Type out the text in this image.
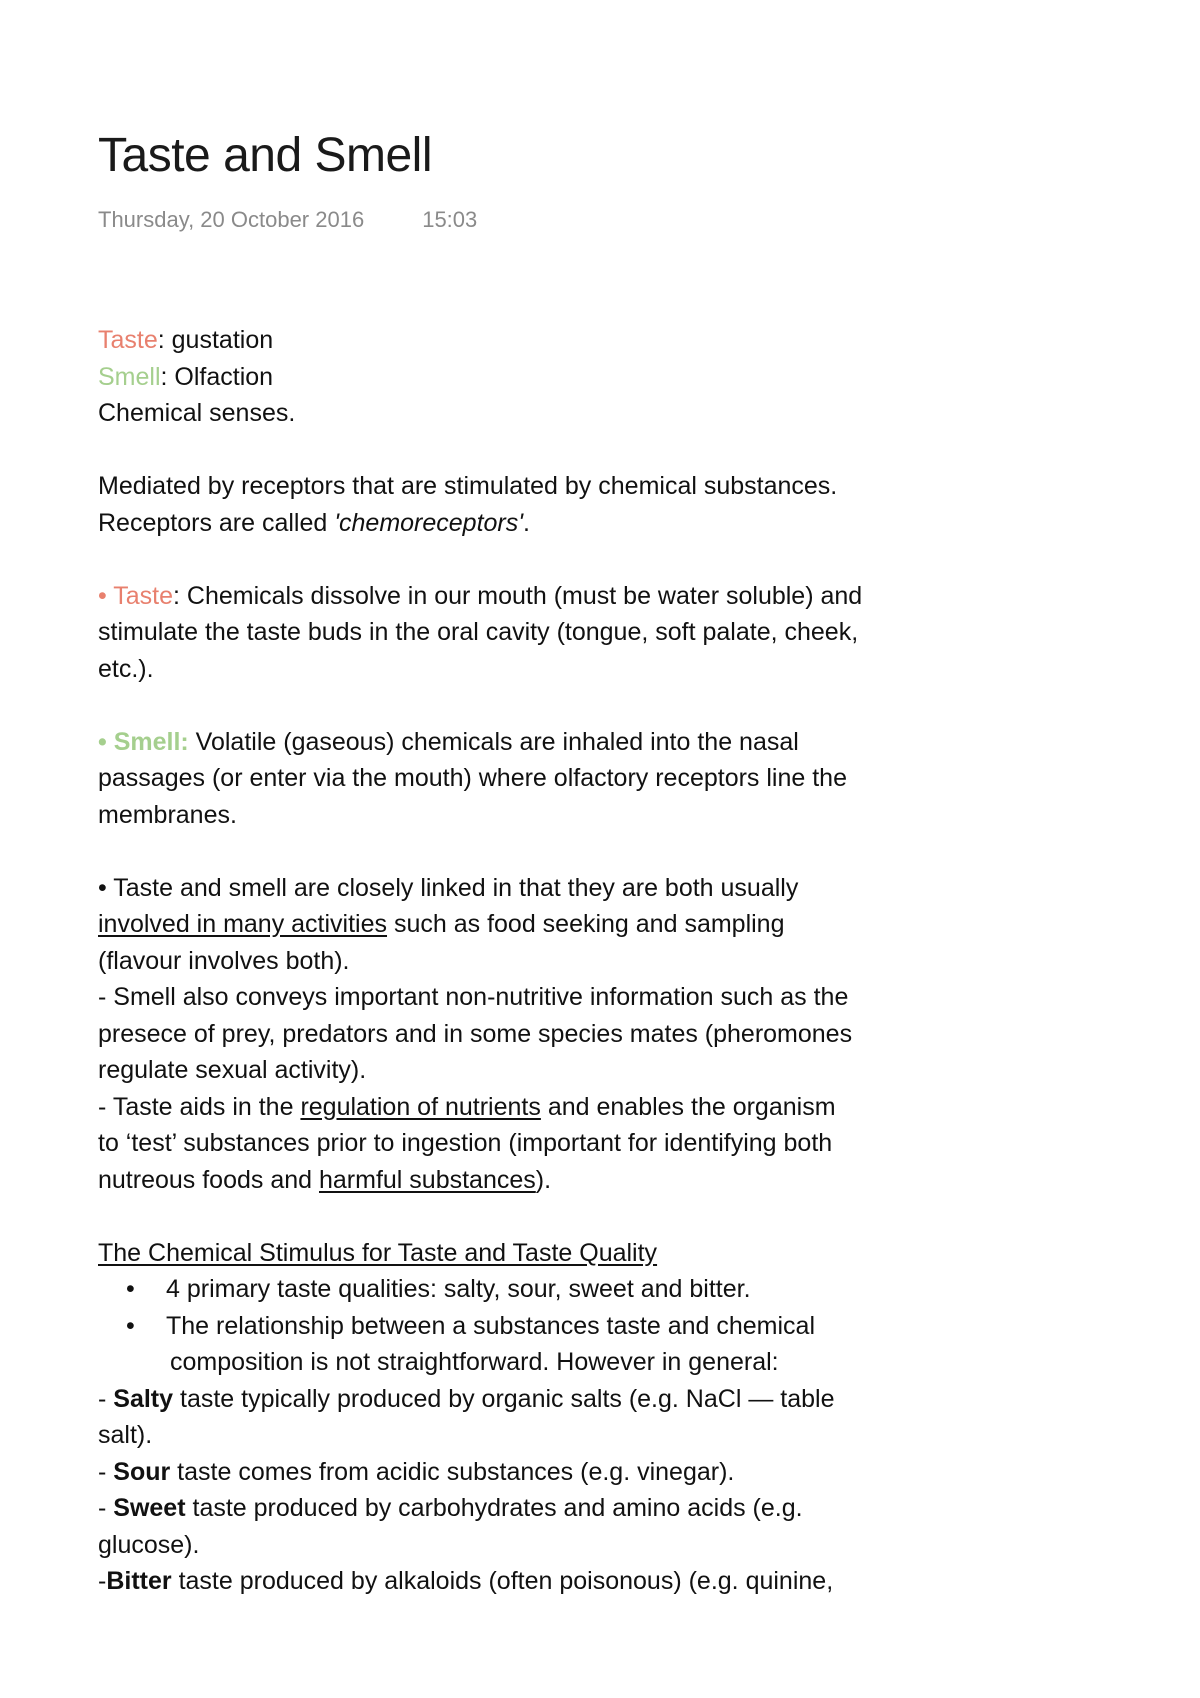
Taste and Smell
Thursday, 20 October 2016	15:03
Taste: gustation
Smell: Olfaction
Chemical senses.
Mediated by receptors that are stimulated by chemical substances.
Receptors are called 'chemoreceptors'.
• Taste: Chemicals dissolve in our mouth (must be water soluble) and
stimulate the taste buds in the oral cavity (tongue, soft palate, cheek,
etc.).
• Smell: Volatile (gaseous) chemicals are inhaled into the nasal
passages (or enter via the mouth) where olfactory receptors line the
membranes.
• Taste and smell are closely linked in that they are both usually
involved in many activities such as food seeking and sampling
(flavour involves both).
- Smell also conveys important non-nutritive information such as the
presece of prey, predators and in some species mates (pheromones
regulate sexual activity).
- Taste aids in the regulation of nutrients and enables the organism
to ‘test’ substances prior to ingestion (important for identifying both
nutreous foods and harmful substances).
The Chemical Stimulus for Taste and Taste Quality
•	4 primary taste qualities: salty, sour, sweet and bitter.
•	The relationship between a substances taste and chemical
composition is not straightforward. However in general:
- Salty taste typically produced by organic salts (e.g. NaCl — table
salt).
- Sour taste comes from acidic substances (e.g. vinegar).
- Sweet taste produced by carbohydrates and amino acids (e.g.
glucose).
-Bitter taste produced by alkaloids (often poisonous) (e.g. quinine,
